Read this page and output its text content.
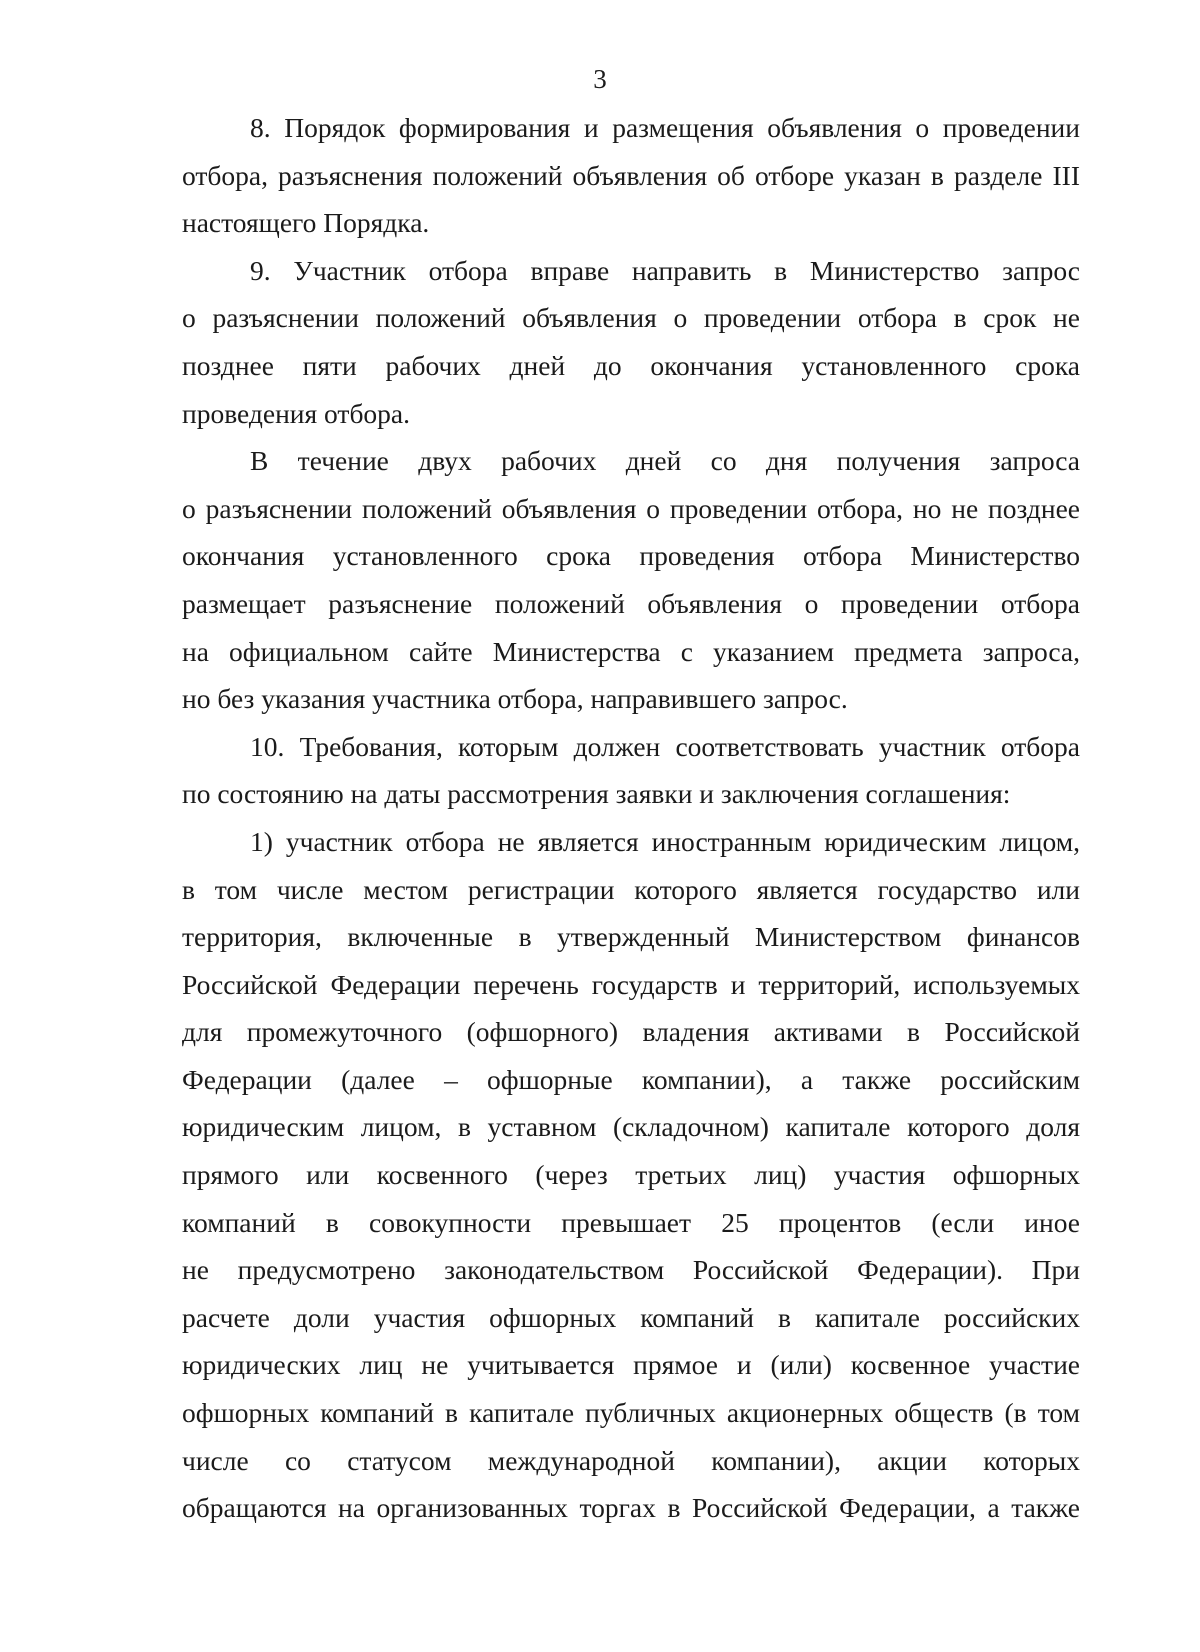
3
8. Порядок формирования и размещения объявления о проведении
отбора, разъяснения положений объявления об отборе указан в разделе III
настоящего Порядка.
9. Участник отбора вправе направить в Министерство запрос
о разъяснении положений объявления о проведении отбора в срок не
позднее пяти рабочих дней до окончания установленного срока
проведения отбора.
В течение двух рабочих дней со дня получения запроса
о разъяснении положений объявления о проведении отбора, но не позднее
окончания установленного срока проведения отбора Министерство
размещает разъяснение положений объявления о проведении отбора
на официальном сайте Министерства с указанием предмета запроса,
но без указания участника отбора, направившего запрос.
10. Требования, которым должен соответствовать участник отбора
по состоянию на даты рассмотрения заявки и заключения соглашения:
1) участник отбора не является иностранным юридическим лицом,
в том числе местом регистрации которого является государство или
территория, включенные в утвержденный Министерством финансов
Российской Федерации перечень государств и территорий, используемых
для промежуточного (офшорного) владения активами в Российской
Федерации (далее – офшорные компании), а также российским
юридическим лицом, в уставном (складочном) капитале которого доля
прямого или косвенного (через третьих лиц) участия офшорных
компаний в совокупности превышает 25 процентов (если иное
не предусмотрено законодательством Российской Федерации). При
расчете доли участия офшорных компаний в капитале российских
юридических лиц не учитывается прямое и (или) косвенное участие
офшорных компаний в капитале публичных акционерных обществ (в том
числе со статусом международной компании), акции которых
обращаются на организованных торгах в Российской Федерации, а также
